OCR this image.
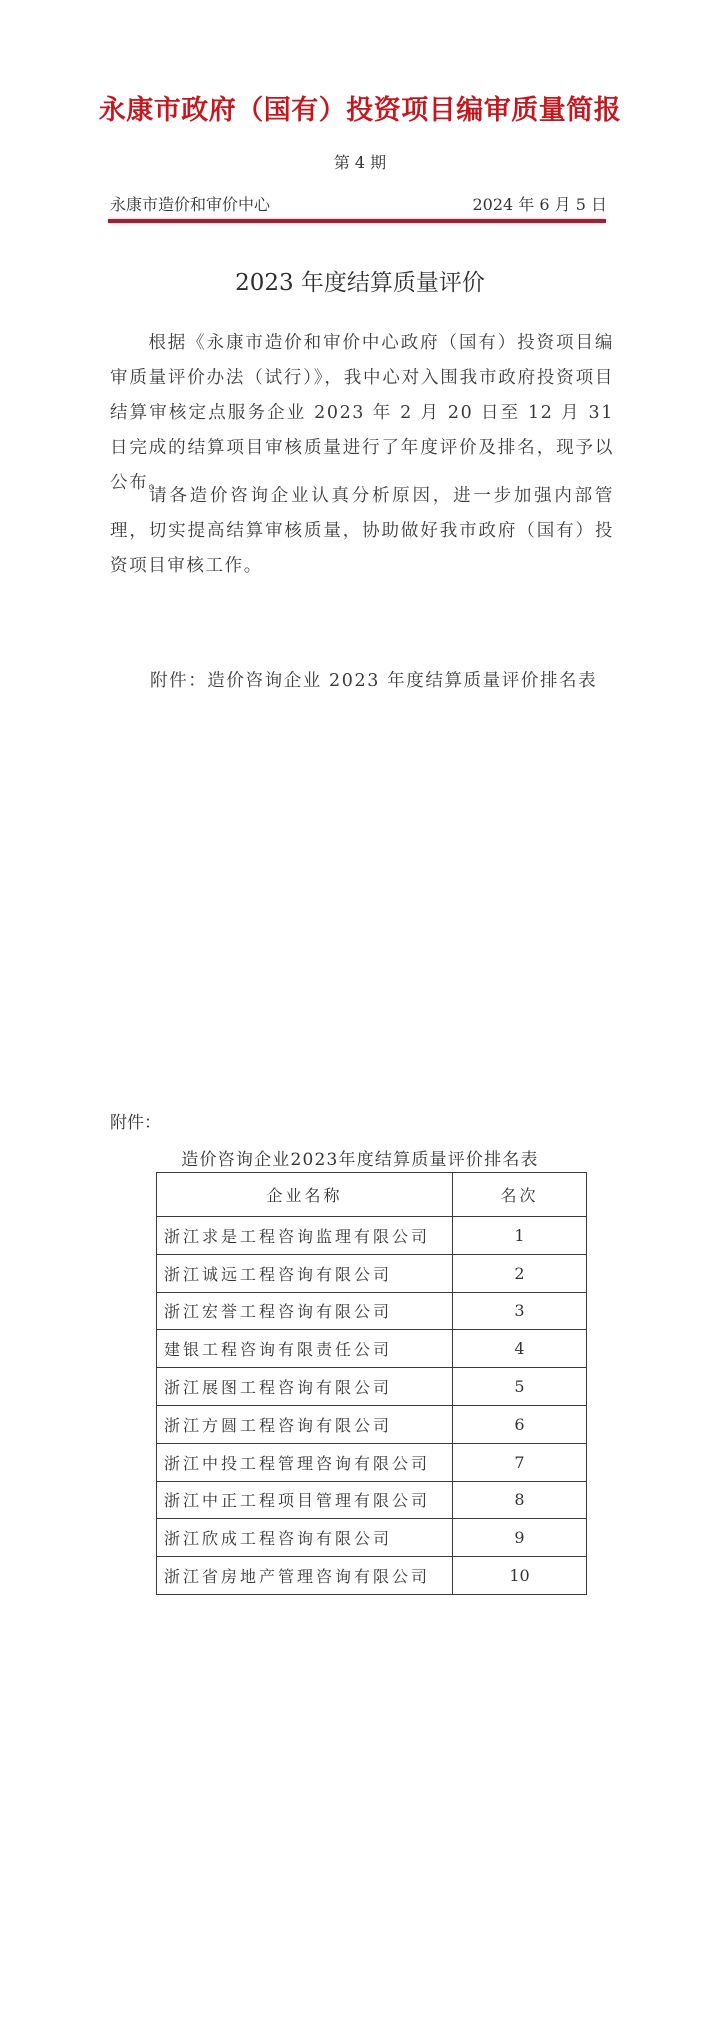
永康市政府（国有）投资项目编审质量简报
第 4 期
永康市造价和审价中心	2024 年 6 月 5 日
2023 年度结算质量评价
根据《永康市造价和审价中心政府（国有）投资项目编审质量评价办法（试行）》，我中心对入围我市政府投资项目结算审核定点服务企业 2023 年 2 月 20 日至 12 月 31 日完成的结算项目审核质量进行了年度评价及排名，现予以公布。
请各造价咨询企业认真分析原因，进一步加强内部管理，切实提高结算审核质量，协助做好我市政府（国有）投资项目审核工作。
附件：造价咨询企业 2023 年度结算质量评价排名表
附件：
造价咨询企业2023年度结算质量评价排名表
企业名称	名次
浙江求是工程咨询监理有限公司	1
浙江诚远工程咨询有限公司	2
浙江宏誉工程咨询有限公司	3
建银工程咨询有限责任公司	4
浙江展图工程咨询有限公司	5
浙江方圆工程咨询有限公司	6
浙江中投工程管理咨询有限公司	7
浙江中正工程项目管理有限公司	8
浙江欣成工程咨询有限公司	9
浙江省房地产管理咨询有限公司	10
